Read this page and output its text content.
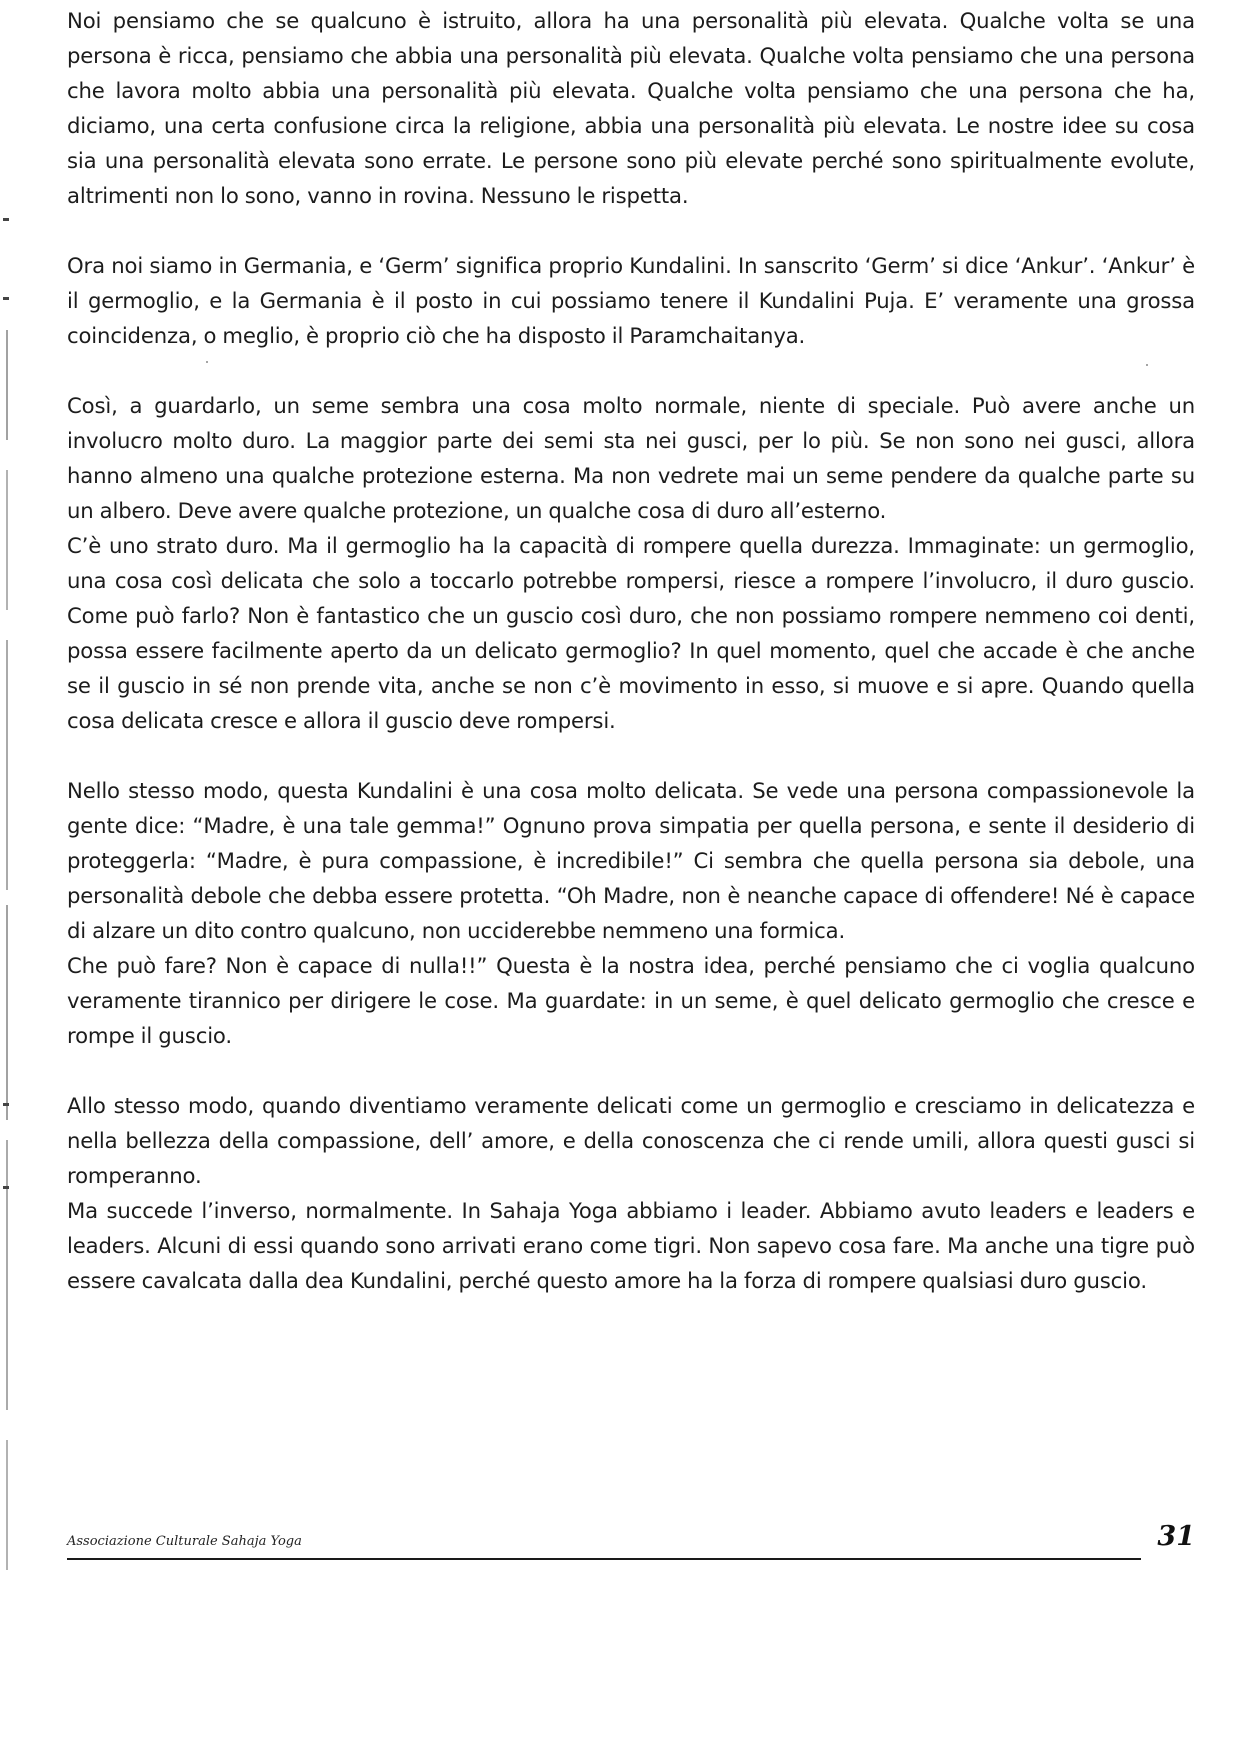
Noi pensiamo che se qualcuno è istruito, allora ha una personalità più elevata. Qualche volta se una persona è ricca, pensiamo che abbia una personalità più elevata. Qualche volta pensiamo che una persona che lavora molto abbia una personalità più elevata. Qualche volta pensiamo che una persona che ha, diciamo, una certa confusione circa la religione, abbia una personalità più elevata. Le nostre idee su cosa sia una personalità elevata sono errate. Le persone sono più elevate perché sono spiritualmente evolute, altrimenti non lo sono, vanno in rovina. Nessuno le rispetta.

Ora noi siamo in Germania, e ‘Germ’ significa proprio Kundalini. In sanscrito ‘Germ’ si dice ‘Ankur’. ‘Ankur’ è il germoglio, e la Germania è il posto in cui possiamo tenere il Kundalini Puja. E’ veramente una grossa coincidenza, o meglio, è proprio ciò che ha disposto il Paramchaitanya.

Così, a guardarlo, un seme sembra una cosa molto normale, niente di speciale. Può avere anche un involucro molto duro. La maggior parte dei semi sta nei gusci, per lo più. Se non sono nei gusci, allora hanno almeno una qualche protezione esterna. Ma non vedrete mai un seme pendere da qualche parte su un albero. Deve avere qualche protezione, un qualche cosa di duro all’esterno.

C’è uno strato duro. Ma il germoglio ha la capacità di rompere quella durezza. Immaginate: un germoglio, una cosa così delicata che solo a toccarlo potrebbe rompersi, riesce a rompere l’involucro, il duro guscio. Come può farlo? Non è fantastico che un guscio così duro, che non possiamo rompere nemmeno coi denti, possa essere facilmente aperto da un delicato germoglio? In quel momento, quel che accade è che anche se il guscio in sé non prende vita, anche se non c’è movimento in esso, si muove e si apre. Quando quella cosa delicata cresce e allora il guscio deve rompersi.

Nello stesso modo, questa Kundalini è una cosa molto delicata. Se vede una persona compassionevole la gente dice: “Madre, è una tale gemma!” Ognuno prova simpatia per quella persona, e sente il desiderio di proteggerla: “Madre, è pura compassione, è incredibile!” Ci sembra che quella persona sia debole, una personalità debole che debba essere protetta. “Oh Madre, non è neanche capace di offendere! Né è capace di alzare un dito contro qualcuno, non ucciderebbe nemmeno una formica.

Che può fare? Non è capace di nulla!!” Questa è la nostra idea, perché pensiamo che ci voglia qualcuno veramente tirannico per dirigere le cose. Ma guardate: in un seme, è quel delicato germoglio che cresce e rompe il guscio.

Allo stesso modo, quando diventiamo veramente delicati come un germoglio e cresciamo in delicatezza e nella bellezza della compassione, dell’ amore, e della conoscenza che ci rende umili, allora questi gusci si romperanno.

Ma succede l’inverso, normalmente. In Sahaja Yoga abbiamo i leader. Abbiamo avuto leaders e leaders e leaders. Alcuni di essi quando sono arrivati erano come tigri. Non sapevo cosa fare. Ma anche una tigre può essere cavalcata dalla dea Kundalini, perché questo amore ha la forza di rompere qualsiasi duro guscio.

Associazione Culturale Sahaja Yoga	31
